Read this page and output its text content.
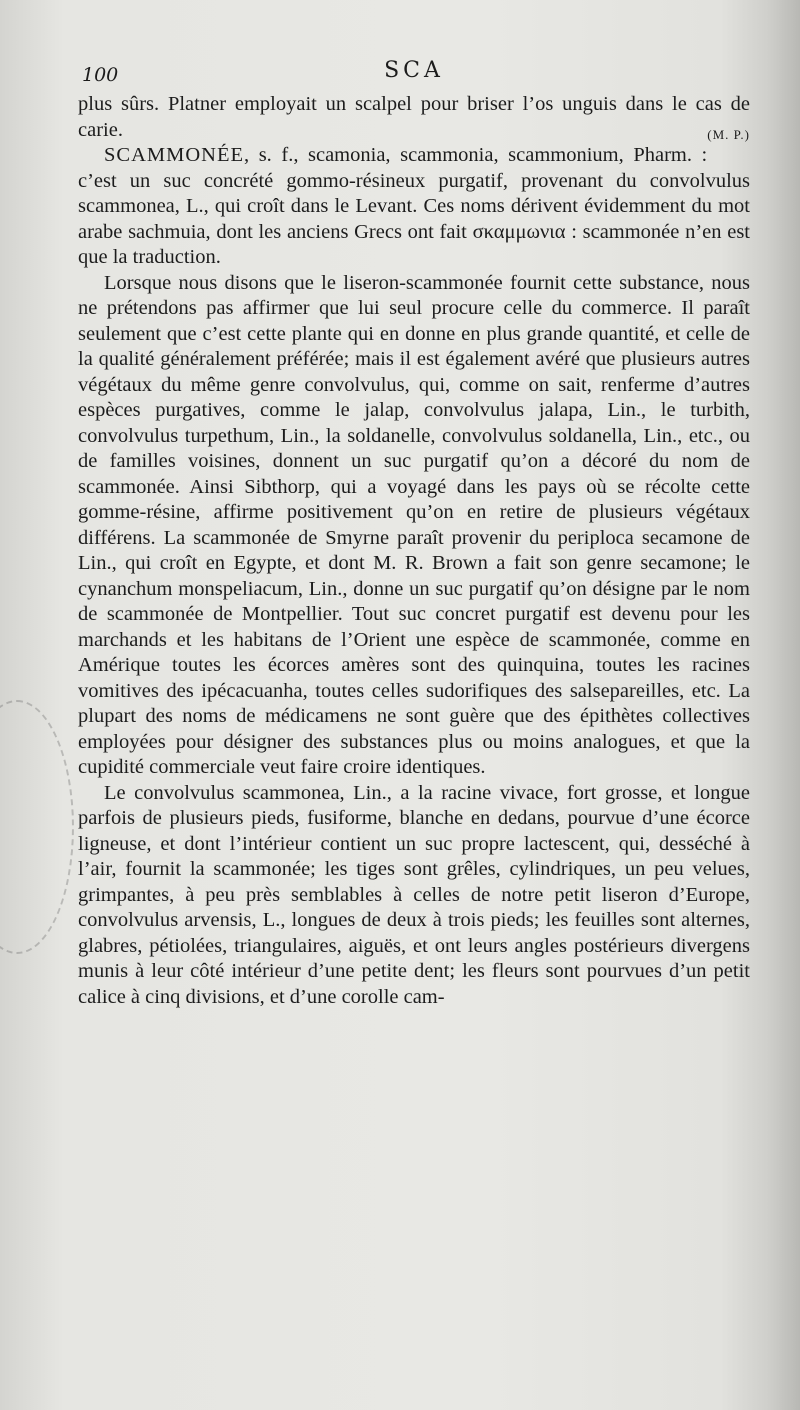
100	SCA

plus sûrs. Platner employait un scalpel pour briser l’os unguis dans le cas de carie.	(M. P.)

SCAMMONÉE, s. f., scamonia, scammonia, scammonium, Pharm. : c’est un suc concrété gommo-résineux purgatif, provenant du convolvulus scammonea, L., qui croît dans le Levant. Ces noms dérivent évidemment du mot arabe sachmuia, dont les anciens Grecs ont fait σκαμμωνια : scammonée n’en est que la traduction.

Lorsque nous disons que le liseron-scammonée fournit cette substance, nous ne prétendons pas affirmer que lui seul procure celle du commerce. Il paraît seulement que c’est cette plante qui en donne en plus grande quantité, et celle de la qualité généralement préférée; mais il est également avéré que plusieurs autres végétaux du même genre convolvulus, qui, comme on sait, renferme d’autres espèces purgatives, comme le jalap, convolvulus jalapa, Lin., le turbith, convolvulus turpethum, Lin., la soldanelle, convolvulus soldanella, Lin., etc., ou de familles voisines, donnent un suc purgatif qu’on a décoré du nom de scammonée. Ainsi Sibthorp, qui a voyagé dans les pays où se récolte cette gomme-résine, affirme positivement qu’on en retire de plusieurs végétaux différens. La scammonée de Smyrne paraît provenir du periploca secamone de Lin., qui croît en Egypte, et dont M. R. Brown a fait son genre secamone; le cynanchum monspeliacum, Lin., donne un suc purgatif qu’on désigne par le nom de scammonée de Montpellier. Tout suc concret purgatif est devenu pour les marchands et les habitans de l’Orient une espèce de scammonée, comme en Amérique toutes les écorces amères sont des quinquina, toutes les racines vomitives des ipécacuanha, toutes celles sudorifiques des salsepareilles, etc. La plupart des noms de médicamens ne sont guère que des épithètes collectives employées pour désigner des substances plus ou moins analogues, et que la cupidité commerciale veut faire croire identiques.

Le convolvulus scammonea, Lin., a la racine vivace, fort grosse, et longue parfois de plusieurs pieds, fusiforme, blanche en dedans, pourvue d’une écorce ligneuse, et dont l’intérieur contient un suc propre lactescent, qui, desséché à l’air, fournit la scammonée; les tiges sont grêles, cylindriques, un peu velues, grimpantes, à peu près semblables à celles de notre petit liseron d’Europe, convolvulus arvensis, L., longues de deux à trois pieds; les feuilles sont alternes, glabres, pétiolées, triangulaires, aiguës, et ont leurs angles postérieurs divergens munis à leur côté intérieur d’une petite dent; les fleurs sont pourvues d’un petit calice à cinq divisions, et d’une corolle cam-
